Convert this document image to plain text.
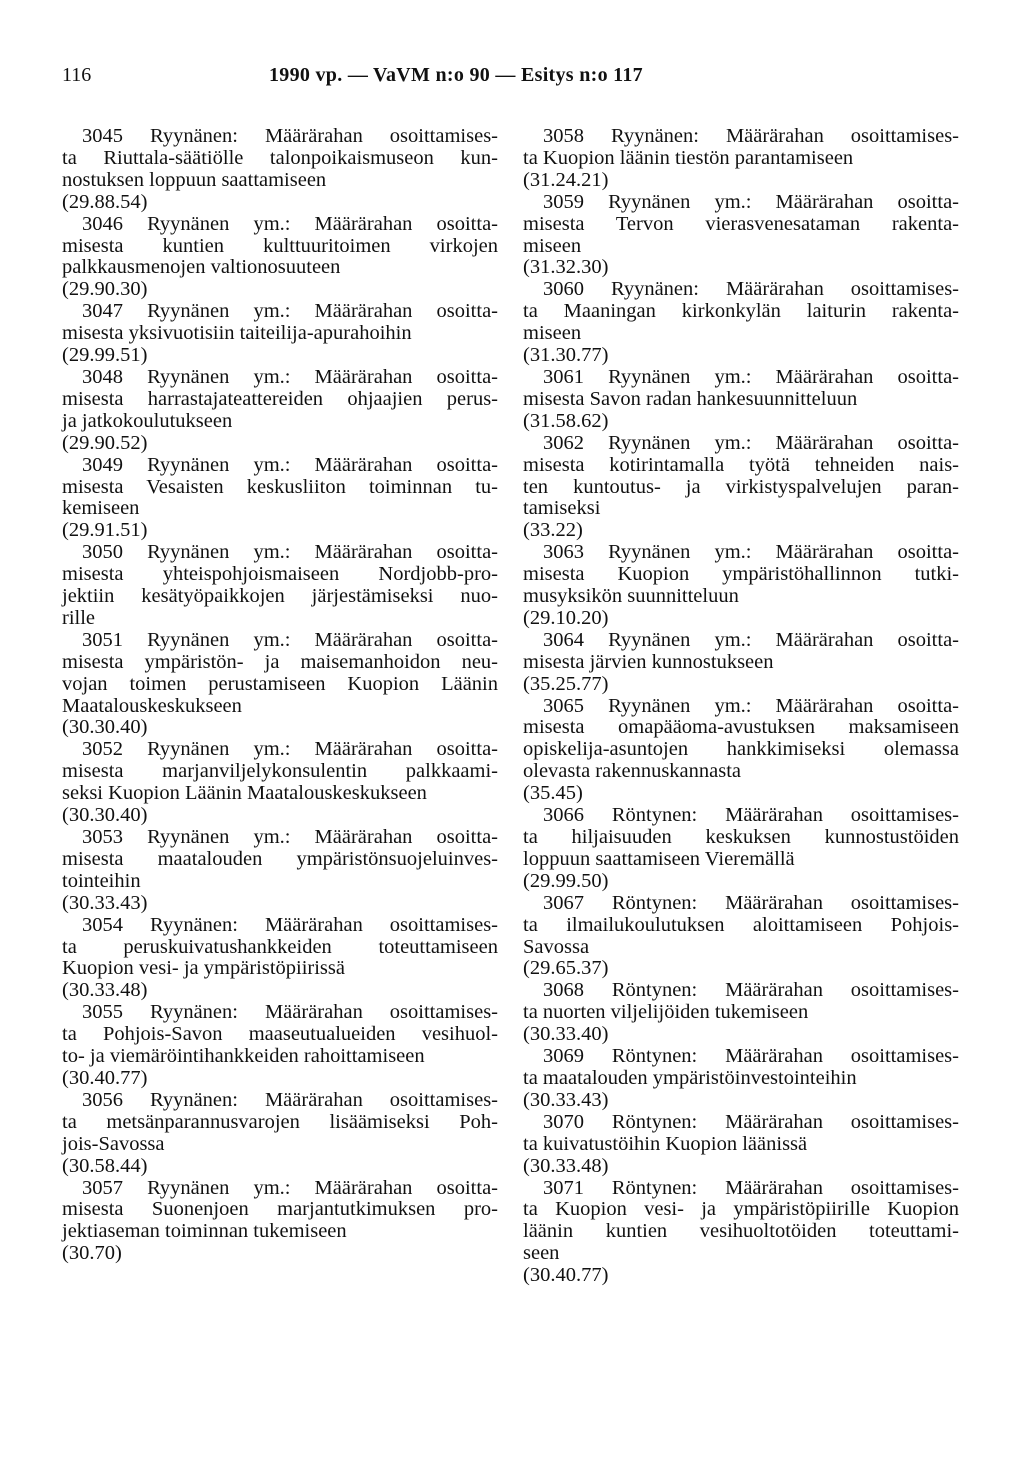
116	1990 vp. — VaVM n:o 90 — Esitys n:o 117
3045 Ryynänen: Määrärahan osoittamises-
ta Riuttala-säätiölle talonpoikaismuseon kun-
nostuksen loppuun saattamiseen
(29.88.54)
3046 Ryynänen ym.: Määrärahan osoitta-
misesta kuntien kulttuuritoimen virkojen
palkkausmenojen valtionosuuteen
(29.90.30)
3047 Ryynänen ym.: Määrärahan osoitta-
misesta yksivuotisiin taiteilija-apurahoihin
(29.99.51)
3048 Ryynänen ym.: Määrärahan osoitta-
misesta harrastajateattereiden ohjaajien perus-
ja jatkokoulutukseen
(29.90.52)
3049 Ryynänen ym.: Määrärahan osoitta-
misesta Vesaisten keskusliiton toiminnan tu-
kemiseen
(29.91.51)
3050 Ryynänen ym.: Määrärahan osoitta-
misesta yhteispohjoismaiseen Nordjobb-pro-
jektiin kesätyöpaikkojen järjestämiseksi nuo-
rille
3051 Ryynänen ym.: Määrärahan osoitta-
misesta ympäristön- ja maisemanhoidon neu-
vojan toimen perustamiseen Kuopion Läänin
Maatalouskeskukseen
(30.30.40)
3052 Ryynänen ym.: Määrärahan osoitta-
misesta marjanviljelykonsulentin palkkaami-
seksi Kuopion Läänin Maatalouskeskukseen
(30.30.40)
3053 Ryynänen ym.: Määrärahan osoitta-
misesta maatalouden ympäristönsuojeluinves-
tointeihin
(30.33.43)
3054 Ryynänen: Määrärahan osoittamises-
ta peruskuivatushankkeiden toteuttamiseen
Kuopion vesi- ja ympäristöpiirissä
(30.33.48)
3055 Ryynänen: Määrärahan osoittamises-
ta Pohjois-Savon maaseutualueiden vesihuol-
to- ja viemäröintihankkeiden rahoittamiseen
(30.40.77)
3056 Ryynänen: Määrärahan osoittamises-
ta metsänparannusvarojen lisäämiseksi Poh-
jois-Savossa
(30.58.44)
3057 Ryynänen ym.: Määrärahan osoitta-
misesta Suonenjoen marjantutkimuksen pro-
jektiaseman toiminnan tukemiseen
(30.70)
3058 Ryynänen: Määrärahan osoittamises-
ta Kuopion läänin tiestön parantamiseen
(31.24.21)
3059 Ryynänen ym.: Määrärahan osoitta-
misesta Tervon vierasvenesataman rakenta-
miseen
(31.32.30)
3060 Ryynänen: Määrärahan osoittamises-
ta Maaningan kirkonkylän laiturin rakenta-
miseen
(31.30.77)
3061 Ryynänen ym.: Määrärahan osoitta-
misesta Savon radan hankesuunnitteluun
(31.58.62)
3062 Ryynänen ym.: Määrärahan osoitta-
misesta kotirintamalla työtä tehneiden nais-
ten kuntoutus- ja virkistyspalvelujen paran-
tamiseksi
(33.22)
3063 Ryynänen ym.: Määrärahan osoitta-
misesta Kuopion ympäristöhallinnon tutki-
musyksikön suunnitteluun
(29.10.20)
3064 Ryynänen ym.: Määrärahan osoitta-
misesta järvien kunnostukseen
(35.25.77)
3065 Ryynänen ym.: Määrärahan osoitta-
misesta omapääoma-avustuksen maksamiseen
opiskelija-asuntojen hankkimiseksi olemassa
olevasta rakennuskannasta
(35.45)
3066 Röntynen: Määrärahan osoittamises-
ta hiljaisuuden keskuksen kunnostustöiden
loppuun saattamiseen Vieremällä
(29.99.50)
3067 Röntynen: Määrärahan osoittamises-
ta ilmailukoulutuksen aloittamiseen Pohjois-
Savossa
(29.65.37)
3068 Röntynen: Määrärahan osoittamises-
ta nuorten viljelijöiden tukemiseen
(30.33.40)
3069 Röntynen: Määrärahan osoittamises-
ta maatalouden ympäristöinvestointeihin
(30.33.43)
3070 Röntynen: Määrärahan osoittamises-
ta kuivatustöihin Kuopion läänissä
(30.33.48)
3071 Röntynen: Määrärahan osoittamises-
ta Kuopion vesi- ja ympäristöpiirille Kuopion
läänin kuntien vesihuoltotöiden toteuttami-
seen
(30.40.77)
